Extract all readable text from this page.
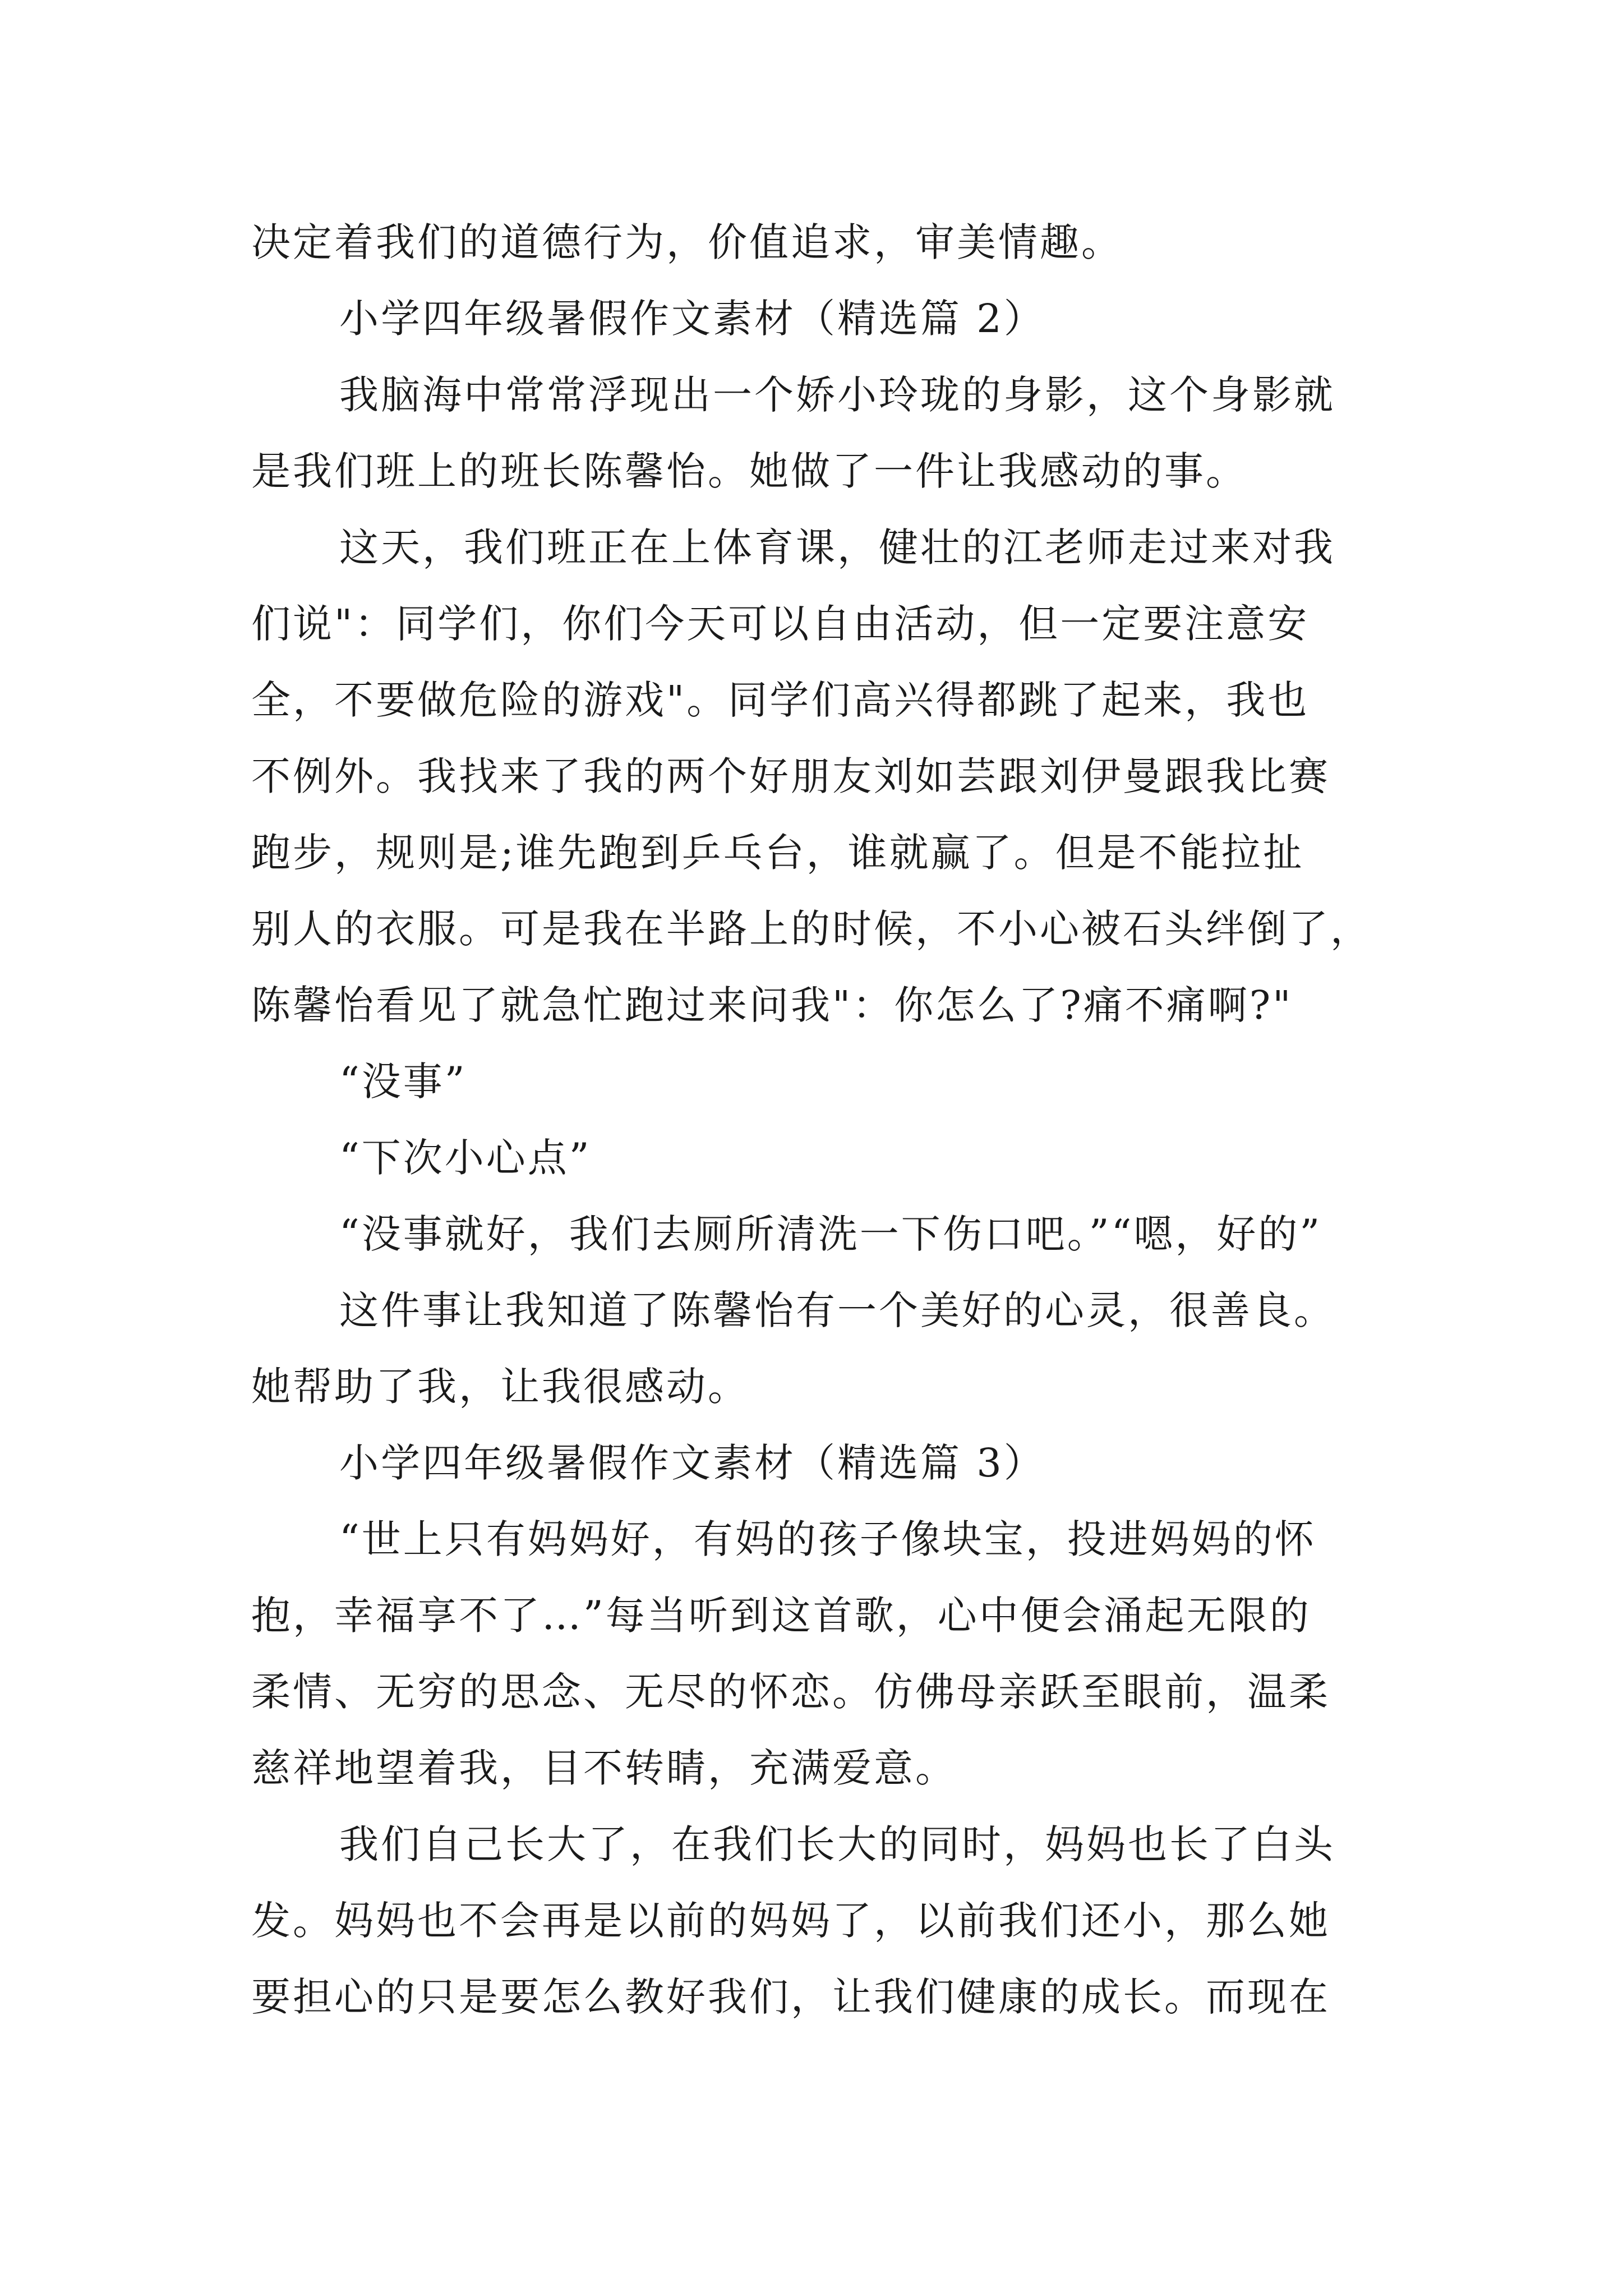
决定着我们的道德行为，价值追求，审美情趣。
小学四年级暑假作文素材（精选篇 2）
我脑海中常常浮现出一个娇小玲珑的身影，这个身影就
是我们班上的班长陈馨怡。她做了一件让我感动的事。
这天，我们班正在上体育课，健壮的江老师走过来对我
们说"：同学们，你们今天可以自由活动，但一定要注意安
全，不要做危险的游戏"。同学们高兴得都跳了起来，我也
不例外。我找来了我的两个好朋友刘如芸跟刘伊曼跟我比赛
跑步，规则是;谁先跑到乒乓台，谁就赢了。但是不能拉扯
别人的衣服。可是我在半路上的时候，不小心被石头绊倒了，
陈馨怡看见了就急忙跑过来问我"：你怎么了?痛不痛啊?"
“没事”
“下次小心点”
“没事就好，我们去厕所清洗一下伤口吧。”“嗯，好的”
这件事让我知道了陈馨怡有一个美好的心灵，很善良。
她帮助了我，让我很感动。
小学四年级暑假作文素材（精选篇 3）
“世上只有妈妈好，有妈的孩子像块宝，投进妈妈的怀
抱，幸福享不了…”每当听到这首歌，心中便会涌起无限的
柔情、无穷的思念、无尽的怀恋。仿佛母亲跃至眼前，温柔
慈祥地望着我，目不转睛，充满爱意。
我们自己长大了，在我们长大的同时，妈妈也长了白头
发。妈妈也不会再是以前的妈妈了，以前我们还小，那么她
要担心的只是要怎么教好我们，让我们健康的成长。而现在
